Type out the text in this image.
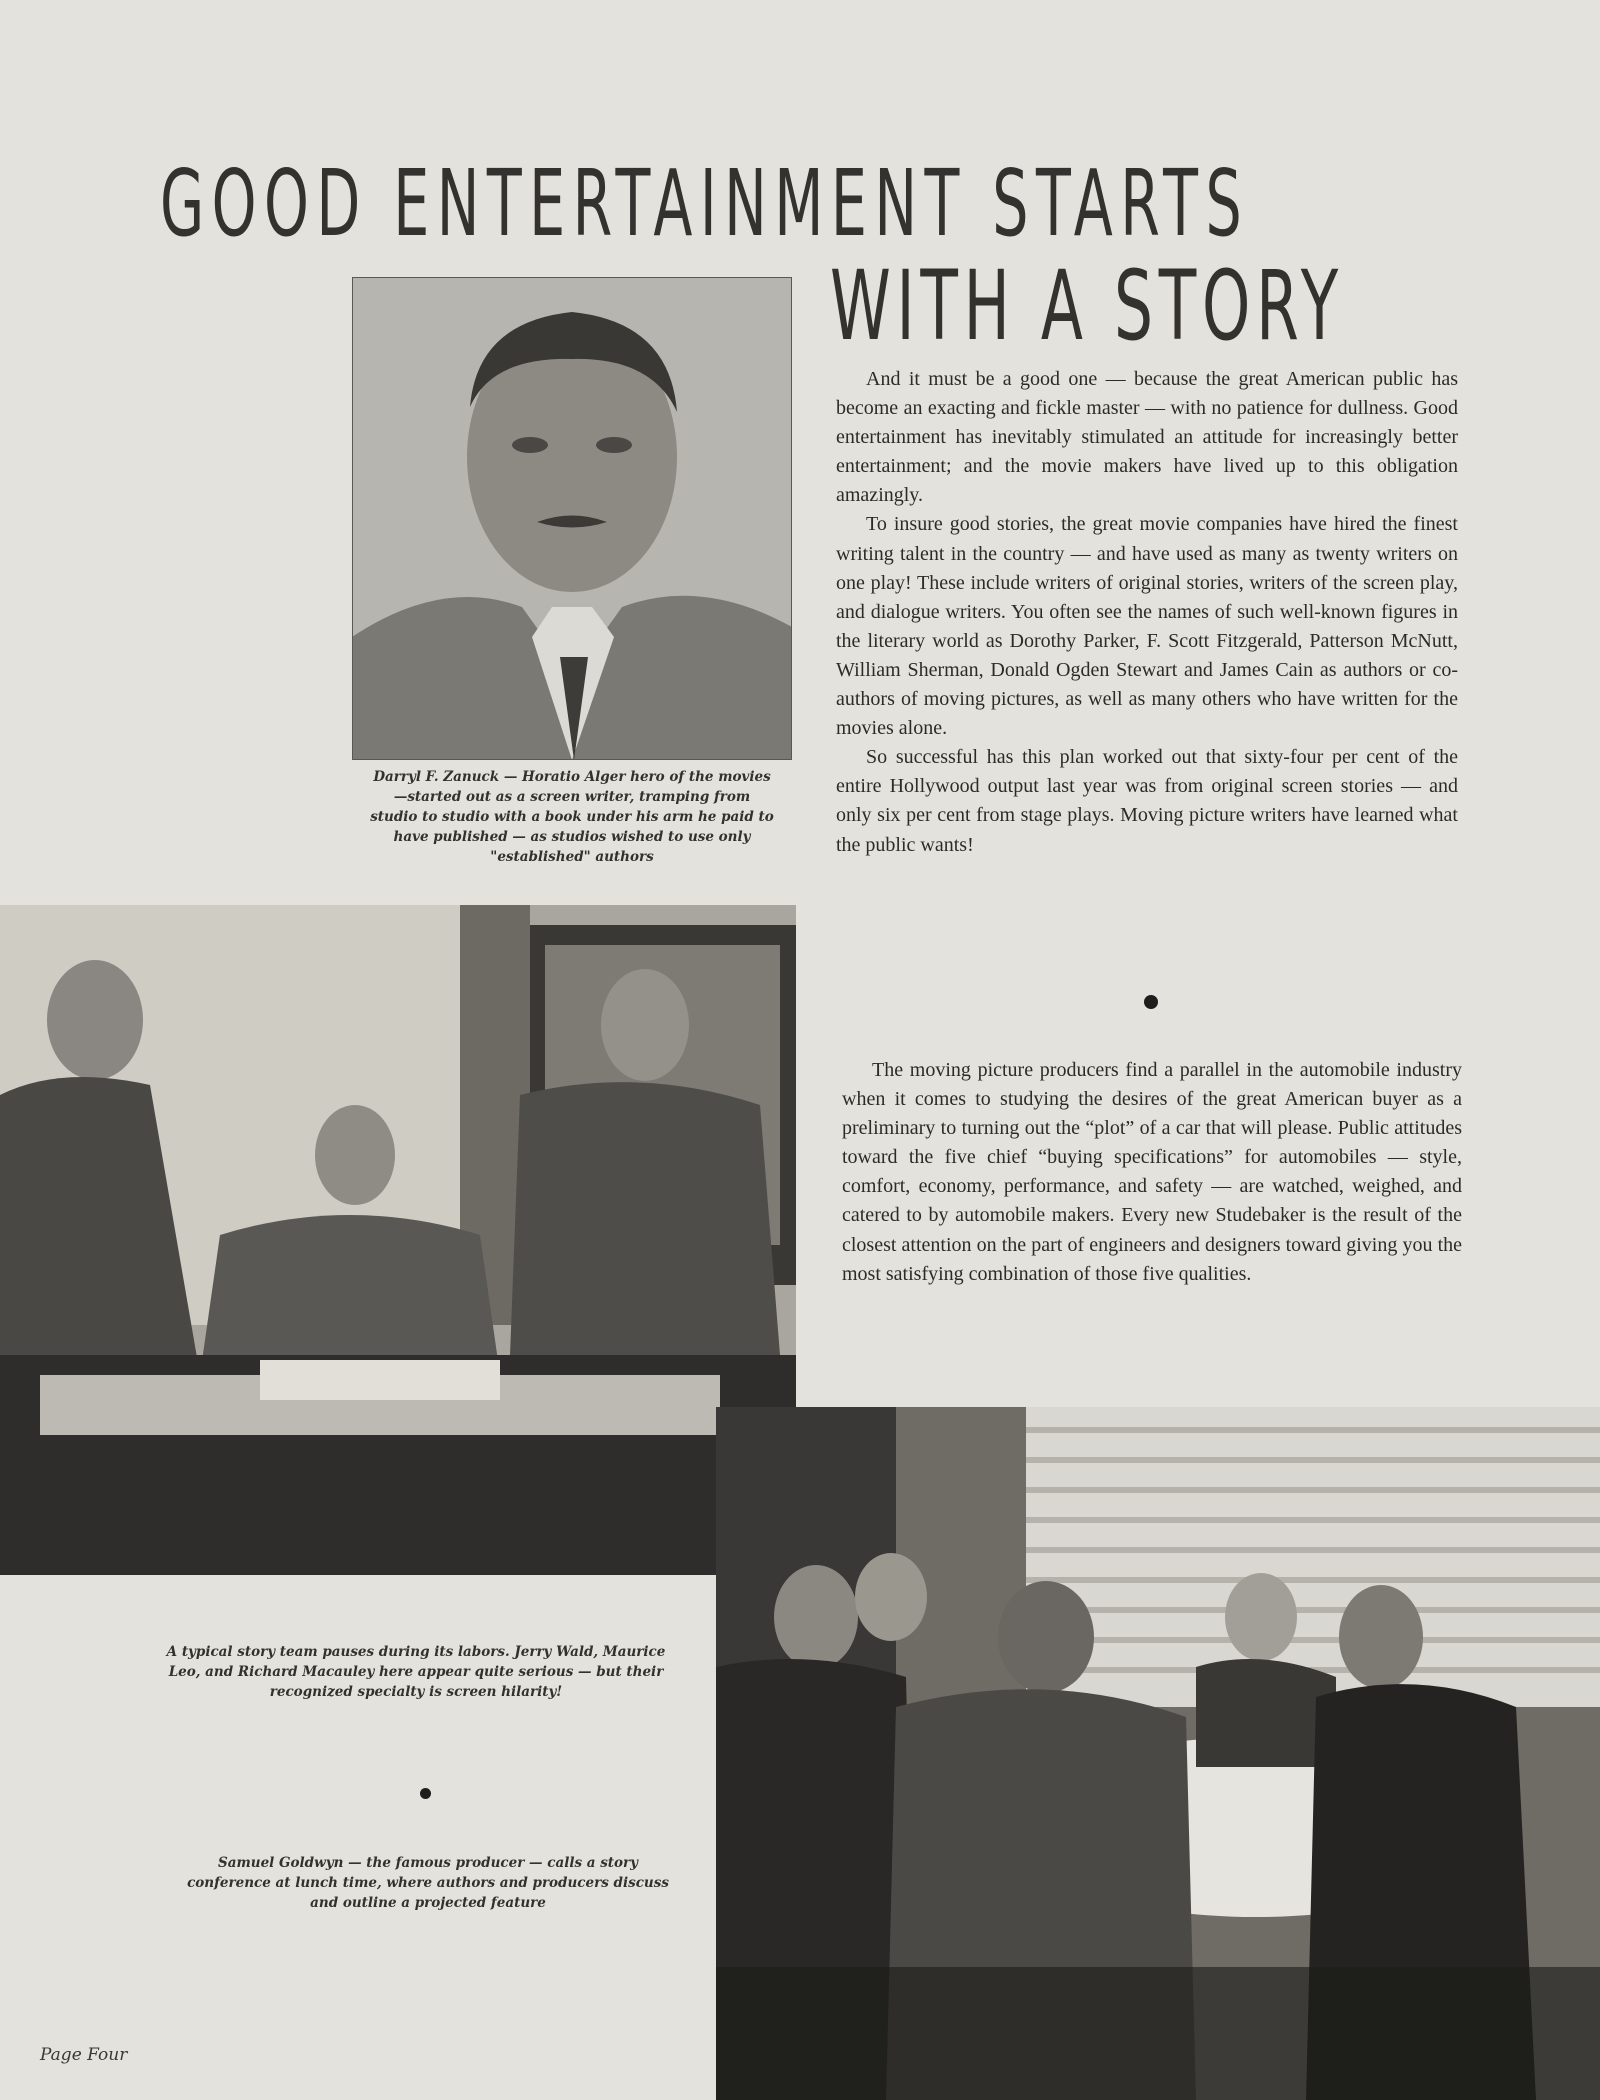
GOOD ENTERTAINMENT STARTS
WITH A STORY

Darryl F. Zanuck — Horatio Alger hero of the movies—started out as a screen writer, tramping from studio to studio with a book under his arm he paid to have published — as studios wished to use only "established" authors

And it must be a good one — because the great American public has become an exacting and fickle master — with no patience for dullness. Good entertainment has inevitably stimulated an attitude for increasingly better entertainment; and the movie makers have lived up to this obligation amazingly.

To insure good stories, the great movie companies have hired the finest writing talent in the country — and have used as many as twenty writers on one play! These include writers of original stories, writers of the screen play, and dialogue writers. You often see the names of such well-known figures in the literary world as Dorothy Parker, F. Scott Fitzgerald, Patterson McNutt, William Sherman, Donald Ogden Stewart and James Cain as authors or co-authors of moving pictures, as well as many others who have written for the movies alone.

So successful has this plan worked out that sixty-four per cent of the entire Hollywood output last year was from original screen stories — and only six per cent from stage plays. Moving picture writers have learned what the public wants!

The moving picture producers find a parallel in the automobile industry when it comes to studying the desires of the great American buyer as a preliminary to turning out the “plot” of a car that will please. Public attitudes toward the five chief “buying specifications” for automobiles — style, comfort, economy, performance, and safety — are watched, weighed, and catered to by automobile makers. Every new Studebaker is the result of the closest attention on the part of engineers and designers toward giving you the most satisfying combination of those five qualities.

A typical story team pauses during its labors. Jerry Wald, Maurice Leo, and Richard Macauley here appear quite serious — but their recognized specialty is screen hilarity!

Samuel Goldwyn — the famous producer — calls a story conference at lunch time, where authors and producers discuss and outline a projected feature

Page Four
